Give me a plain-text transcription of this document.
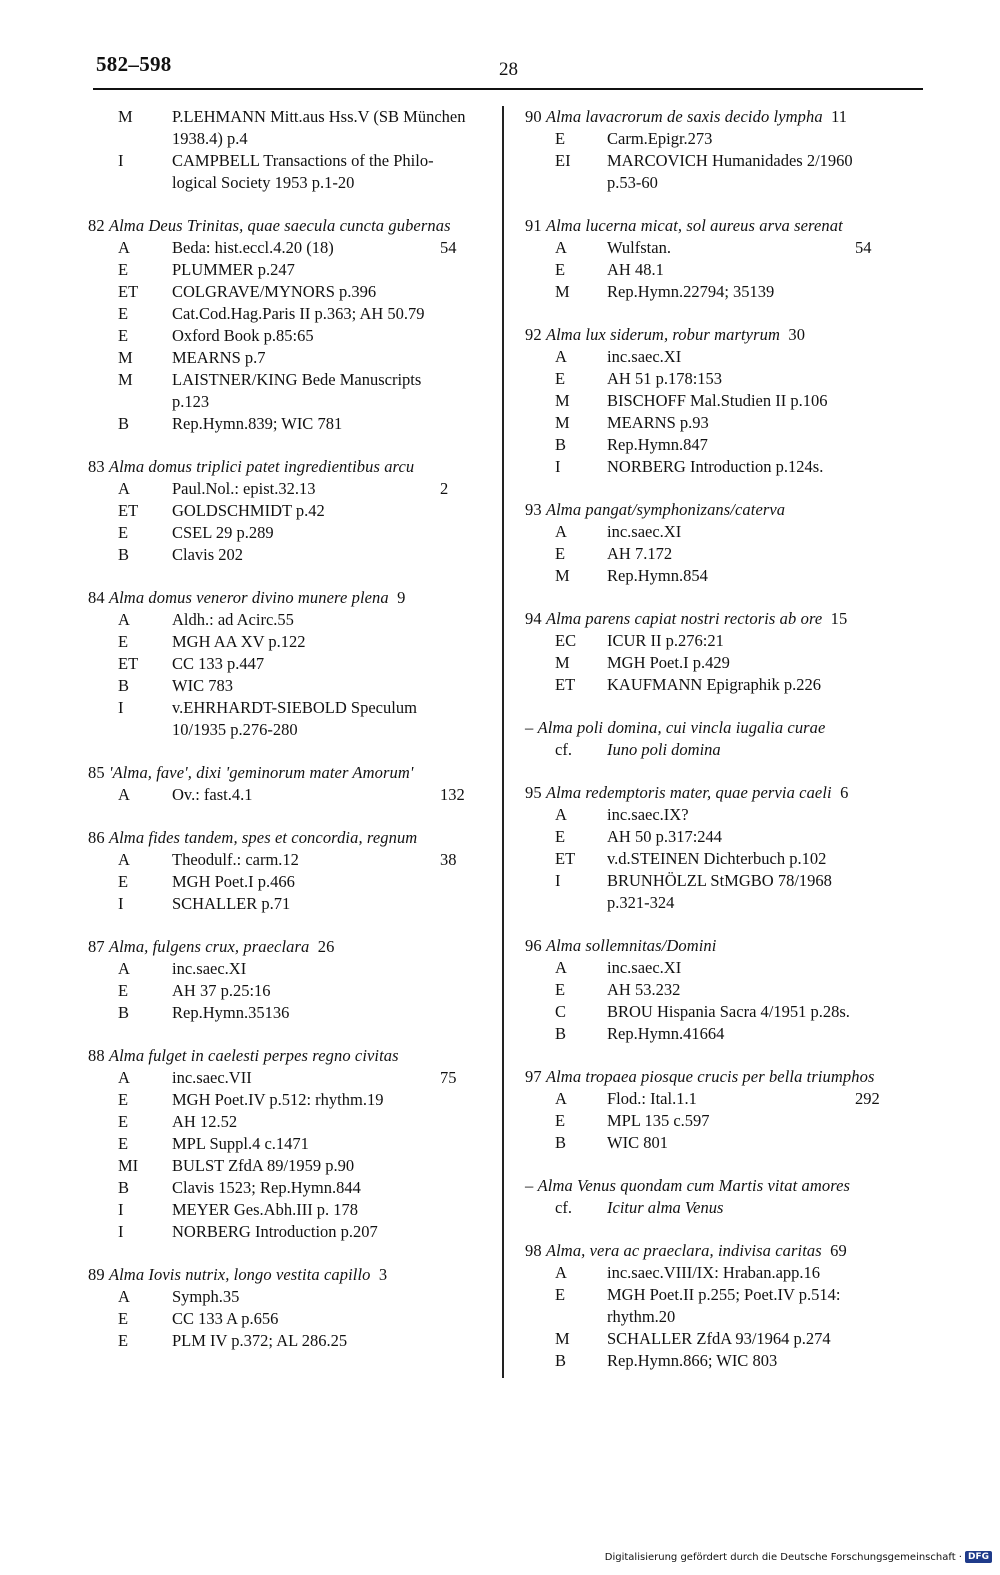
582–598	28
M	P.LEHMANN Mitt.aus Hss.V (SB München
1938.4) p.4
I	CAMPBELL Transactions of the Philo-
logical Society 1953 p.1-20
82 Alma Deus Trinitas, quae saecula cuncta gubernas
A	Beda: hist.eccl.4.20 (18)	54
E	PLUMMER p.247
ET	COLGRAVE/MYNORS p.396
E	Cat.Cod.Hag.Paris II p.363; AH 50.79
E	Oxford Book p.85:65
M	MEARNS p.7
M	LAISTNER/KING Bede Manuscripts
p.123
B	Rep.Hymn.839; WIC 781
83 Alma domus triplici patet ingredientibus arcu
A	Paul.Nol.: epist.32.13	2
ET	GOLDSCHMIDT p.42
E	CSEL 29 p.289
B	Clavis 202
84 Alma domus veneror divino munere plena  9
A	Aldh.: ad Acirc.55
E	MGH AA XV p.122
ET	CC 133 p.447
B	WIC 783
I	v.EHRHARDT-SIEBOLD Speculum
10/1935 p.276-280
85 'Alma, fave', dixi 'geminorum mater Amorum'
A	Ov.: fast.4.1	132
86 Alma fides tandem, spes et concordia, regnum
A	Theodulf.: carm.12	38
E	MGH Poet.I p.466
I	SCHALLER p.71
87 Alma, fulgens crux, praeclara  26
A	inc.saec.XI
E	AH 37 p.25:16
B	Rep.Hymn.35136
88 Alma fulget in caelesti perpes regno civitas
A	inc.saec.VII	75
E	MGH Poet.IV p.512: rhythm.19
E	AH 12.52
E	MPL Suppl.4 c.1471
MI	BULST ZfdA 89/1959 p.90
B	Clavis 1523; Rep.Hymn.844
I	MEYER Ges.Abh.III p. 178
I	NORBERG Introduction p.207
89 Alma Iovis nutrix, longo vestita capillo  3
A	Symph.35
E	CC 133 A p.656
E	PLM IV p.372; AL 286.25
90 Alma lavacrorum de saxis decido lympha  11
E	Carm.Epigr.273
EI	MARCOVICH Humanidades 2/1960
p.53-60
91 Alma lucerna micat, sol aureus arva serenat
A	Wulfstan.	54
E	AH 48.1
M	Rep.Hymn.22794; 35139
92 Alma lux siderum, robur martyrum  30
A	inc.saec.XI
E	AH 51 p.178:153
M	BISCHOFF Mal.Studien II p.106
M	MEARNS p.93
B	Rep.Hymn.847
I	NORBERG Introduction p.124s.
93 Alma pangat/symphonizans/caterva
A	inc.saec.XI
E	AH 7.172
M	Rep.Hymn.854
94 Alma parens capiat nostri rectoris ab ore  15
EC	ICUR II p.276:21
M	MGH Poet.I p.429
ET	KAUFMANN Epigraphik p.226
– Alma poli domina, cui vincla iugalia curae
cf.	Iuno poli domina
95 Alma redemptoris mater, quae pervia caeli  6
A	inc.saec.IX?
E	AH 50 p.317:244
ET	v.d.STEINEN Dichterbuch p.102
I	BRUNHÖLZL StMGBO 78/1968
p.321-324
96 Alma sollemnitas/Domini
A	inc.saec.XI
E	AH 53.232
C	BROU Hispania Sacra 4/1951 p.28s.
B	Rep.Hymn.41664
97 Alma tropaea piosque crucis per bella triumphos
A	Flod.: Ital.1.1	292
E	MPL 135 c.597
B	WIC 801
– Alma Venus quondam cum Martis vitat amores
cf.	Icitur alma Venus
98 Alma, vera ac praeclara, indivisa caritas  69
A	inc.saec.VIII/IX: Hraban.app.16
E	MGH Poet.II p.255; Poet.IV p.514:
rhythm.20
M	SCHALLER ZfdA 93/1964 p.274
B	Rep.Hymn.866; WIC 803
Digitalisierung gefördert durch die Deutsche Forschungsgemeinschaft · DFG
